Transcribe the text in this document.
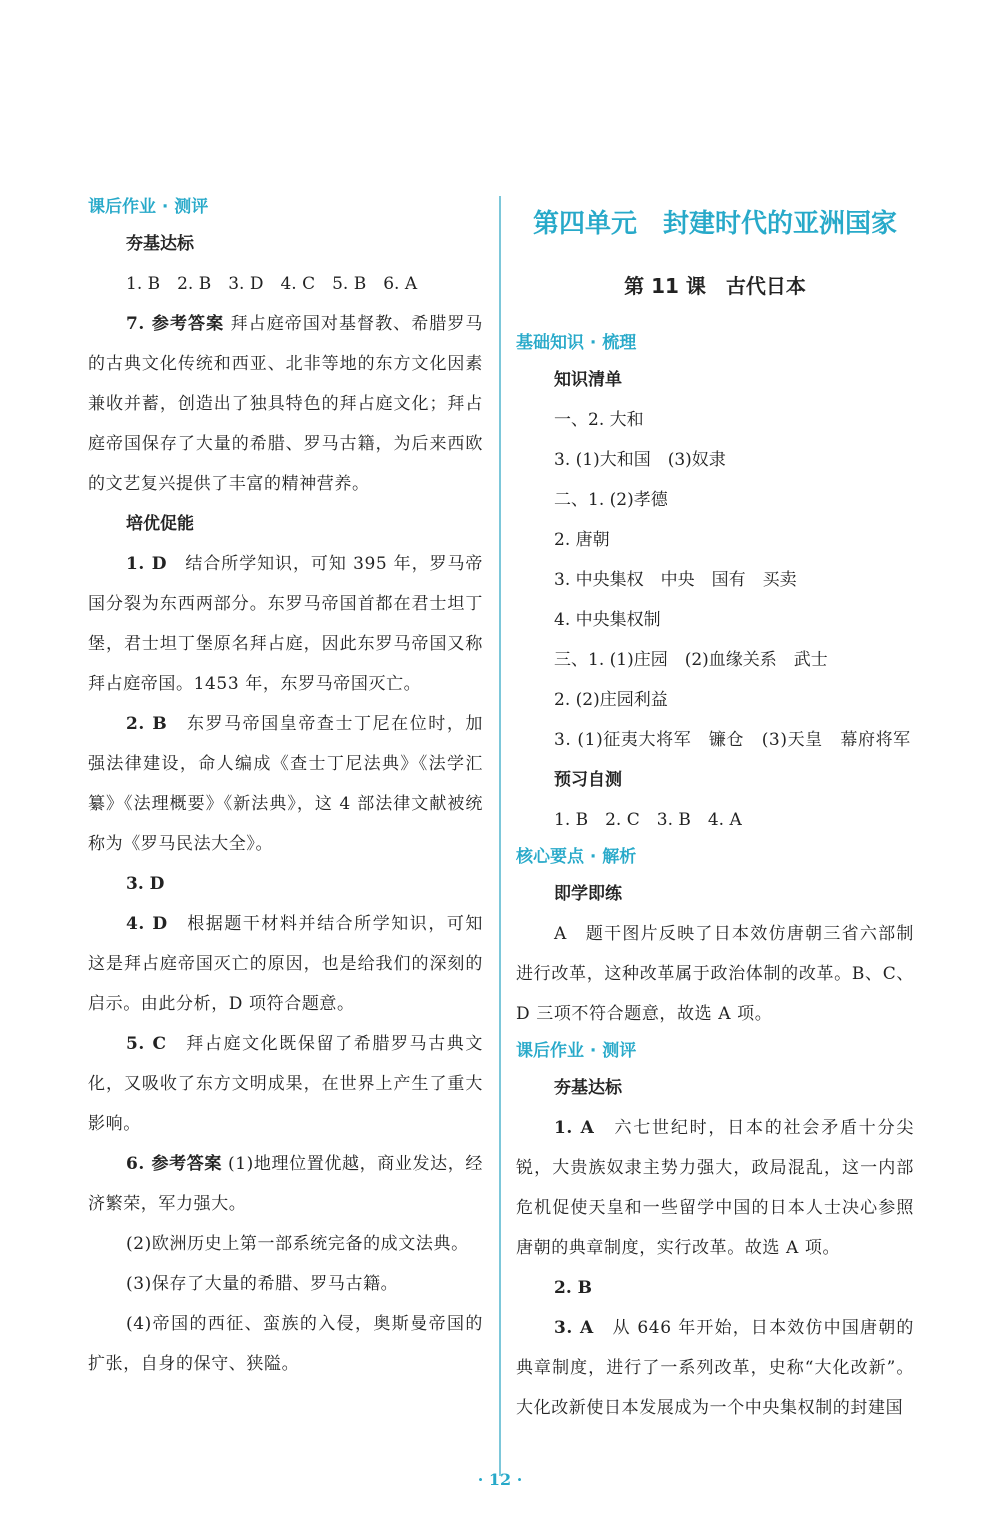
课后作业 · 测评

夯基达标

1. B　2. B　3. D　4. C　5. B　6. A

7. 参考答案 拜占庭帝国对基督教、希腊罗马的古典文化传统和西亚、北非等地的东方文化因素兼收并蓄，创造出了独具特色的拜占庭文化；拜占庭帝国保存了大量的希腊、罗马古籍，为后来西欧的文艺复兴提供了丰富的精神营养。

培优促能

1. D　 结合所学知识，可知 395 年，罗马帝国分裂为东西两部分。东罗马帝国首都在君士坦丁堡，君士坦丁堡原名拜占庭，因此东罗马帝国又称拜占庭帝国。1453 年，东罗马帝国灭亡。

2. B　 东罗马帝国皇帝查士丁尼在位时，加强法律建设，命人编成《查士丁尼法典》《法学汇纂》《法理概要》《新法典》，这 4 部法律文献被统称为《罗马民法大全》。

3. D

4. D　 根据题干材料并结合所学知识，可知这是拜占庭帝国灭亡的原因，也是给我们的深刻的启示。由此分析，D 项符合题意。

5. C　 拜占庭文化既保留了希腊罗马古典文化，又吸收了东方文明成果，在世界上产生了重大影响。

6. 参考答案 (1)地理位置优越，商业发达，经济繁荣，军力强大。

(2)欧洲历史上第一部系统完备的成文法典。

(3)保存了大量的希腊、罗马古籍。

(4)帝国的西征、蛮族的入侵，奥斯曼帝国的扩张，自身的保守、狭隘。

第四单元　封建时代的亚洲国家

第 11 课　古代日本

基础知识 · 梳理

知识清单

一、2. 大和

3. (1)大和国　(3)奴隶

二、1. (2)孝德

2. 唐朝

3. 中央集权　中央　国有　买卖

4. 中央集权制

三、1. (1)庄园　(2)血缘关系　武士

2. (2)庄园利益

3. (1)征夷大将军　镰仓　(3)天皇　幕府将军

预习自测

1. B　2. C　3. B　4. A

核心要点 · 解析

即学即练

A　题干图片反映了日本效仿唐朝三省六部制进行改革，这种改革属于政治体制的改革。B、C、D 三项不符合题意，故选 A 项。

课后作业 · 测评

夯基达标

1. A　 六七世纪时，日本的社会矛盾十分尖锐，大贵族奴隶主势力强大，政局混乱，这一内部危机促使天皇和一些留学中国的日本人士决心参照唐朝的典章制度，实行改革。故选 A 项。

2. B

3. A　 从 646 年开始，日本效仿中国唐朝的典章制度，进行了一系列改革，史称“大化改新”。大化改新使日本发展成为一个中央集权制的封建国

· 12 ·
